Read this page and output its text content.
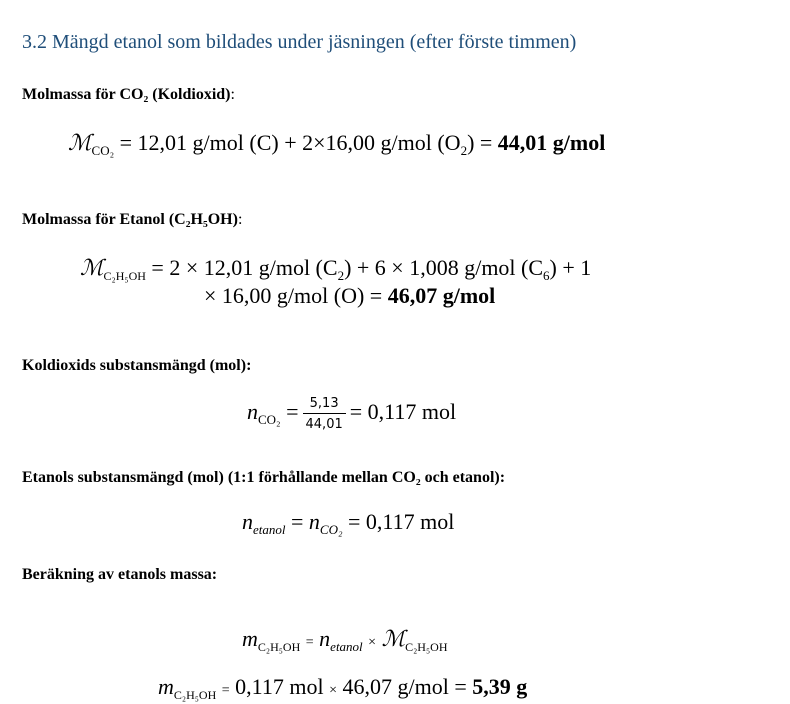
3.2 Mängd etanol som bildades under jäsningen (efter förste timmen)
Molmassa för CO₂ (Koldioxid):
ℳ$_{CO_2}$ = 12,01 g/mol (C) + 2×16,00 g/mol $(O_2) = 44,01$ g/mol
Molmassa för Etanol (C₂H₅OH):
ℳ$_{C_2H_5OH}$ = 2 × 12,01 g/mol $(C_2) + 6 \times 1,008$ g/mol $(C_6) + 1$
× 16,00 g/mol (O) = 46,07 g/mol
Koldioxids substansmängd (mol):
$n_{CO_2} = \frac{5,13}{44,01} = 0,117$ mol
Etanols substansmängd (mol) (1:1 förhållande mellan CO₂ och etanol):
$n_{etanol} = n_{CO_2} = 0,117$ mol
Beräkning av etanols massa:
$m_{C_2H_5OH} = n_{etanol}$ × ℳ$_{C_2H_5OH}$
$m_{C_2H_5OH} = 0,117$ mol × 46,07 g/mol = 5,39 g
